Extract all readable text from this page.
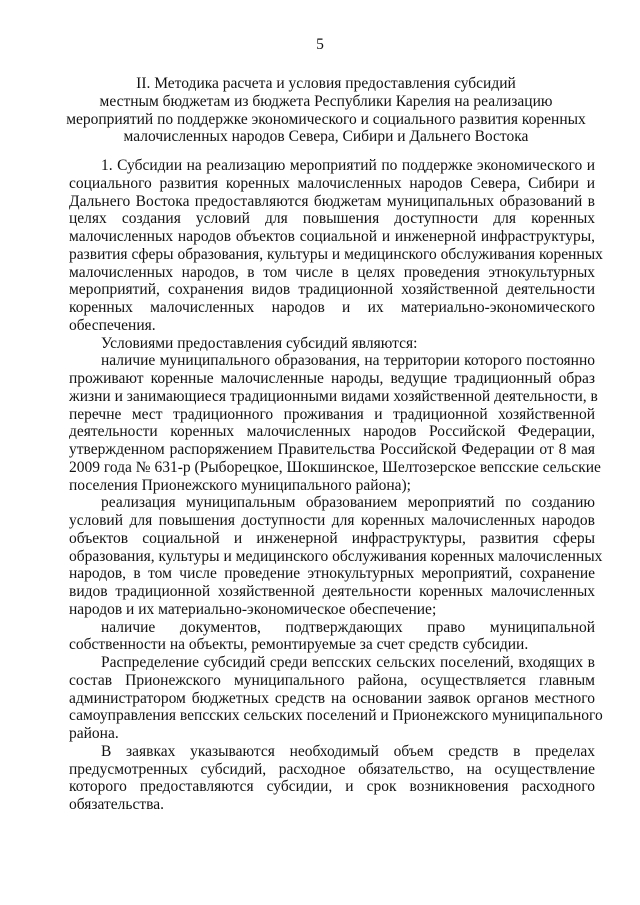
5
II. Методика расчета и условия предоставления субсидий
местным бюджетам из бюджета Республики Карелия на реализацию
мероприятий по поддержке экономического и социального развития коренных
малочисленных народов Севера, Сибири и Дальнего Востока
1. Субсидии на реализацию мероприятий по поддержке экономического и
социального развития коренных малочисленных народов Севера, Сибири и
Дальнего Востока предоставляются бюджетам муниципальных образований в
целях создания условий для повышения доступности для коренных
малочисленных народов объектов социальной и инженерной инфраструктуры,
развития сферы образования, культуры и медицинского обслуживания коренных
малочисленных народов, в том числе в целях проведения этнокультурных
мероприятий, сохранения видов традиционной хозяйственной деятельности
коренных малочисленных народов и их материально-экономического
обеспечения.
Условиями предоставления субсидий являются:
наличие муниципального образования, на территории которого постоянно
проживают коренные малочисленные народы, ведущие традиционный образ
жизни и занимающиеся традиционными видами хозяйственной деятельности, в
перечне мест традиционного проживания и традиционной хозяйственной
деятельности коренных малочисленных народов Российской Федерации,
утвержденном распоряжением Правительства Российской Федерации от 8 мая
2009 года № 631-р (Рыборецкое, Шокшинское, Шелтозерское вепсские сельские
поселения Прионежского муниципального района);
реализация муниципальным образованием мероприятий по созданию
условий для повышения доступности для коренных малочисленных народов
объектов социальной и инженерной инфраструктуры, развития сферы
образования, культуры и медицинского обслуживания коренных малочисленных
народов, в том числе проведение этнокультурных мероприятий, сохранение
видов традиционной хозяйственной деятельности коренных малочисленных
народов и их материально-экономическое обеспечение;
наличие документов, подтверждающих право муниципальной
собственности на объекты, ремонтируемые за счет средств субсидии.
Распределение субсидий среди вепсских сельских поселений, входящих в
состав Прионежского муниципального района, осуществляется главным
администратором бюджетных средств на основании заявок органов местного
самоуправления вепсских сельских поселений и Прионежского муниципального
района.
В заявках указываются необходимый объем средств в пределах
предусмотренных субсидий, расходное обязательство, на осуществление
которого предоставляются субсидии, и срок возникновения расходного
обязательства.
